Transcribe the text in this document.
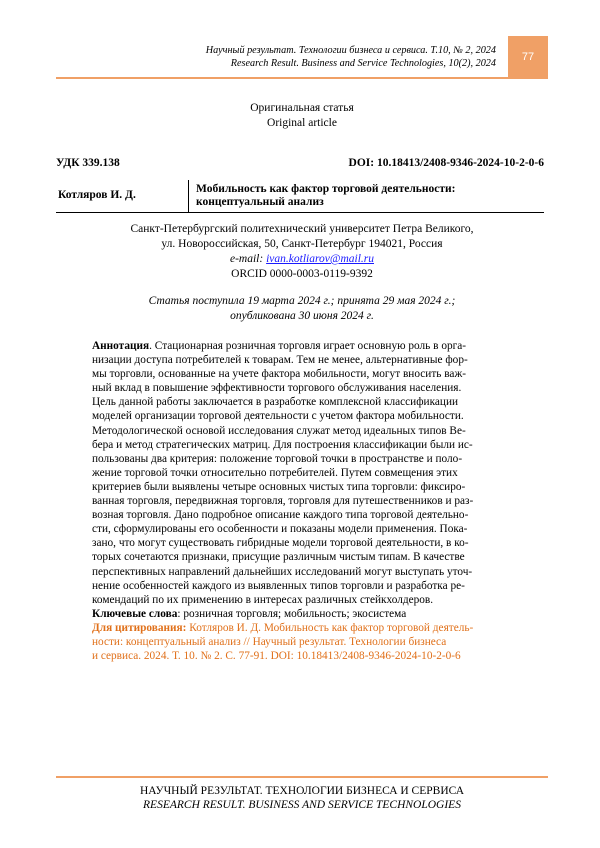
Научный результат. Технологии бизнеса и сервиса. Т.10, № 2, 2024
Research Result. Business and Service Technologies, 10(2), 2024
77
Оригинальная статья
Original article
УДК 339.138	DOI: 10.18413/2408-9346-2024-10-2-0-6
Котляров И. Д.	Мобильность как фактор торговой деятельности:
концептуальный анализ
Санкт-Петербургский политехнический университет Петра Великого,
ул. Новороссийская, 50, Санкт-Петербург 194021, Россия
e-mail: ivan.kotliarov@mail.ru
ORCID 0000-0003-0119-9392
Статья поступила 19 марта 2024 г.; принята 29 мая 2024 г.;
опубликована 30 июня 2024 г.
Аннотация. Стационарная розничная торговля играет основную роль в орга-
низации доступа потребителей к товарам. Тем не менее, альтернативные фор-
мы торговли, основанные на учете фактора мобильности, могут вносить важ-
ный вклад в повышение эффективности торгового обслуживания населения.
Цель данной работы заключается в разработке комплексной классификации
моделей организации торговой деятельности с учетом фактора мобильности.
Методологической основой исследования служат метод идеальных типов Ве-
бера и метод стратегических матриц. Для построения классификации были ис-
пользованы два критерия: положение торговой точки в пространстве и поло-
жение торговой точки относительно потребителей. Путем совмещения этих
критериев были выявлены четыре основных чистых типа торговли: фиксиро-
ванная торговля, передвижная торговля, торговля для путешественников и раз-
возная торговля. Дано подробное описание каждого типа торговой деятельно-
сти, сформулированы его особенности и показаны модели применения. Пока-
зано, что могут существовать гибридные модели торговой деятельности, в ко-
торых сочетаются признаки, присущие различным чистым типам. В качестве
перспективных направлений дальнейших исследований могут выступать уточ-
нение особенностей каждого из выявленных типов торговли и разработка ре-
комендаций по их применению в интересах различных стейкхолдеров.
Ключевые слова: розничная торговля; мобильность; экосистема
Для цитирования: Котляров И. Д. Мобильность как фактор торговой деятель-
ности: концептуальный анализ // Научный результат. Технологии бизнеса
и сервиса. 2024. Т. 10. № 2. С. 77-91. DOI: 10.18413/2408-9346-2024-10-2-0-6
НАУЧНЫЙ РЕЗУЛЬТАТ. ТЕХНОЛОГИИ БИЗНЕСА И СЕРВИСА
RESEARCH RESULT. BUSINESS AND SERVICE TECHNOLOGIES
